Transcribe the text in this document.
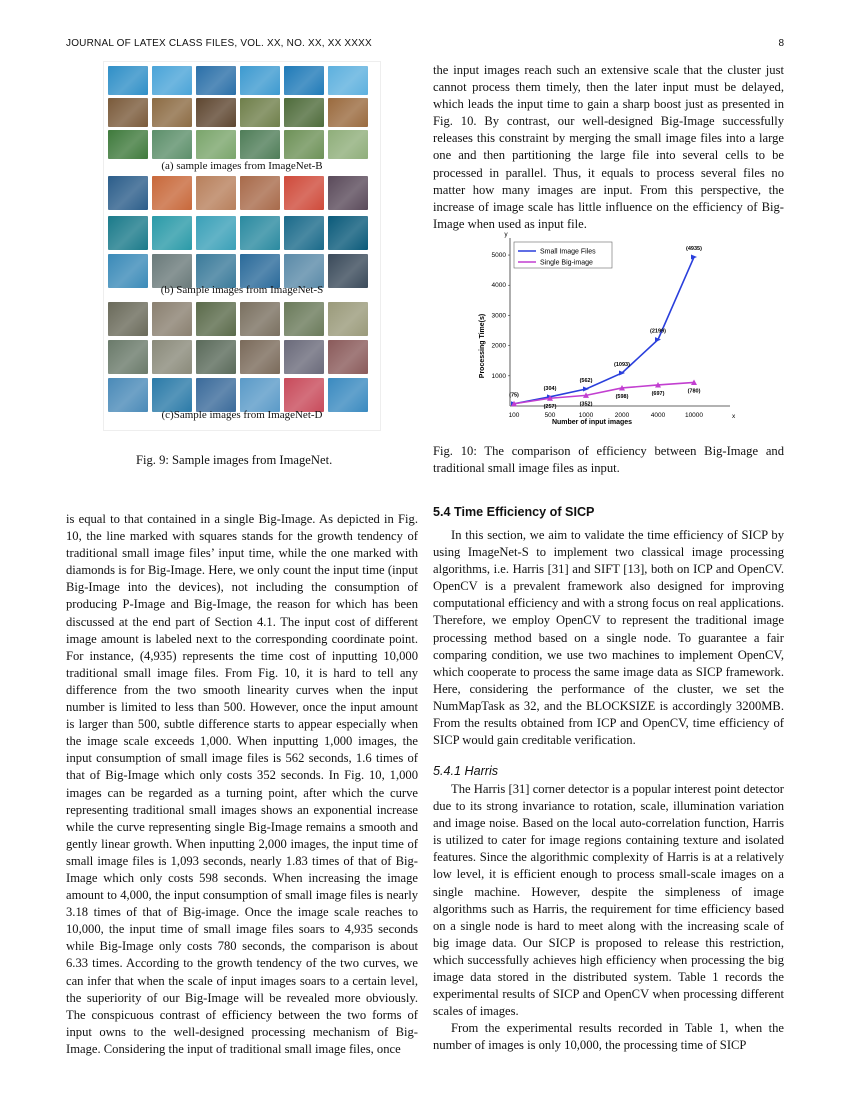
JOURNAL OF LATEX CLASS FILES, VOL. XX, NO. XX, XX XXXX	8
(a) sample images from ImageNet-B
(b) Sample images from ImageNet-S
(c)Sample images from ImageNet-D
Fig. 9: Sample images from ImageNet.

is equal to that contained in a single Big-Image. As depicted in Fig. 10, the line marked with squares stands for the growth tendency of traditional small image files’ input time, while the one marked with diamonds is for Big-Image. Here, we only count the input time (input Big-Image into the devices), not including the consumption of producing P-Image and Big-Image, the reason for which has been discussed at the end part of Section 4.1. The input cost of different image amount is labeled next to the corresponding coordinate point. For instance, (4,935) represents the time cost of inputting 10,000 traditional small image files. From Fig. 10, it is hard to tell any difference from the two smooth linearity curves when the input number is limited to less than 500. However, once the input amount is larger than 500, subtle difference starts to appear especially when the image scale exceeds 1,000. When inputting 1,000 images, the input consumption of small image files is 562 seconds, 1.6 times of that of Big-Image which only costs 352 seconds. In Fig. 10, 1,000 images can be regarded as a turning point, after which the curve representing traditional small images shows an exponential increase while the curve representing single Big-Image remains a smooth and gently linear growth. When inputting 2,000 images, the input time of small image files is 1,093 seconds, nearly 1.83 times of that of Big-Image which only costs 598 seconds. When increasing the image amount to 4,000, the input consumption of small image files is nearly 3.18 times of that of Big-image. Once the image scale reaches to 10,000, the input time of small image files soars to 4,935 seconds while Big-Image only costs 780 seconds, the comparison is about 6.33 times. According to the growth tendency of the two curves, we can infer that when the scale of input images soars to a certain level, the superiority of our Big-Image will be revealed more obviously. The conspicuous contrast of efficiency between the two forms of input owns to the well-designed processing mechanism of Big-Image. Considering the input of traditional small image files, once

the input images reach such an extensive scale that the cluster just cannot process them timely, then the later input must be delayed, which leads the input time to gain a sharp boost just as presented in Fig. 10. By contrast, our well-designed Big-Image successfully releases this constraint by merging the small image files into a large one and then partitioning the large file into several cells to be processed in parallel. Thus, it equals to process several files no matter how many images are input. From this perspective, the increase of image scale has little influence on the efficiency of Big-Image when used as input file.

y
x
1000
2000
3000
4000
5000
100	500	1000	2000	4000	10000
Number of input images
Processing Time(s)
(75)
(304)
(562)
(1093)
(2199)
(4935)
(257)	(352)
(598)	(697)	(780)
Small Image Files
Single Big-image
Fig. 10: The comparison of efficiency between Big-Image and traditional small image files as input.
5.4 Time Efficiency of SICP

In this section, we aim to validate the time efficiency of SICP by using ImageNet-S to implement two classical image processing algorithms, i.e. Harris [31] and SIFT [13], both on ICP and OpenCV. OpenCV is a prevalent framework also designed for improving computational efficiency and with a strong focus on real applications. Therefore, we employ OpenCV to represent the traditional image processing method based on a single node. To guarantee a fair comparing condition, we use two machines to implement OpenCV, which cooperate to process the same image data as SICP framework. Here, considering the performance of the cluster, we set the NumMapTask as 32, and the BLOCKSIZE is accordingly 3200MB. From the results obtained from ICP and OpenCV, time efficiency of SICP would gain creditable verification.

5.4.1 Harris

The Harris [31] corner detector is a popular interest point detector due to its strong invariance to rotation, scale, illumination variation and image noise. Based on the local auto-correlation function, Harris is utilized to cater for image regions containing texture and isolated features. Since the algorithmic complexity of Harris is at a relatively low level, it is efficient enough to process small-scale images on a single machine. However, despite the simpleness of image algorithms such as Harris, the requirement for time efficiency based on a single node is hard to meet along with the increasing scale of big image data. Our SICP is proposed to release this restriction, which successfully achieves high efficiency when processing the big image data stored in the distributed system. Table 1 records the experimental results of SICP and OpenCV when processing different scales of images.

From the experimental results recorded in Table 1, when the number of images is only 10,000, the processing time of SICP
